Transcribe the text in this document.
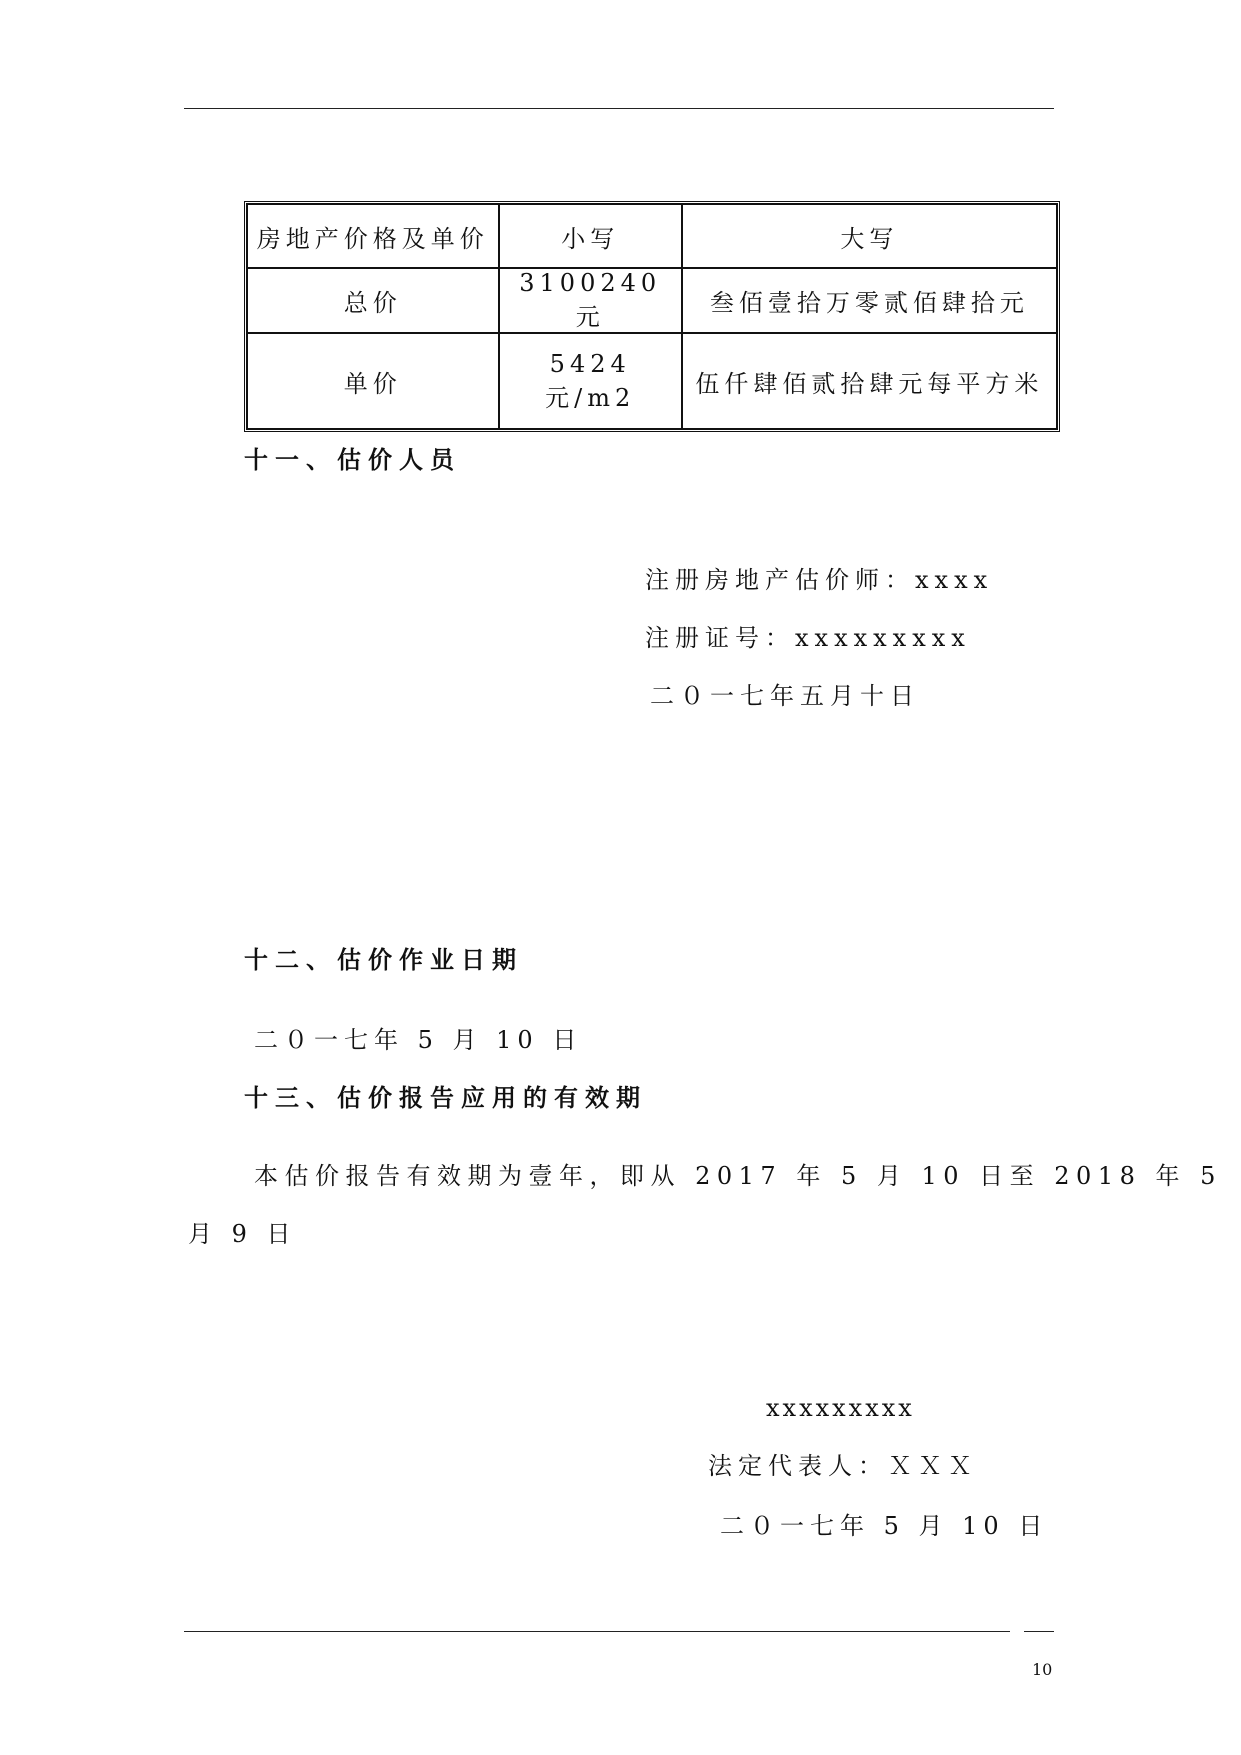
房地产价格及单价	小写	大写
总价	3100240 元	叁佰壹拾万零贰佰肆拾元
单价	5424 元/m2	伍仟肆佰贰拾肆元每平方米
十一、估价人员
注册房地产估价师：xxxx
注册证号：xxxxxxxxx
二０一七年五月十日
十二、估价作业日期
二０一七年 5 月 10 日
十三、估价报告应用的有效期
本估价报告有效期为壹年，即从 2017 年 5 月 10 日至 2018 年 5
月 9 日
xxxxxxxxx
法定代表人：ＸＸＸ
二０一七年 5 月 10 日
10
